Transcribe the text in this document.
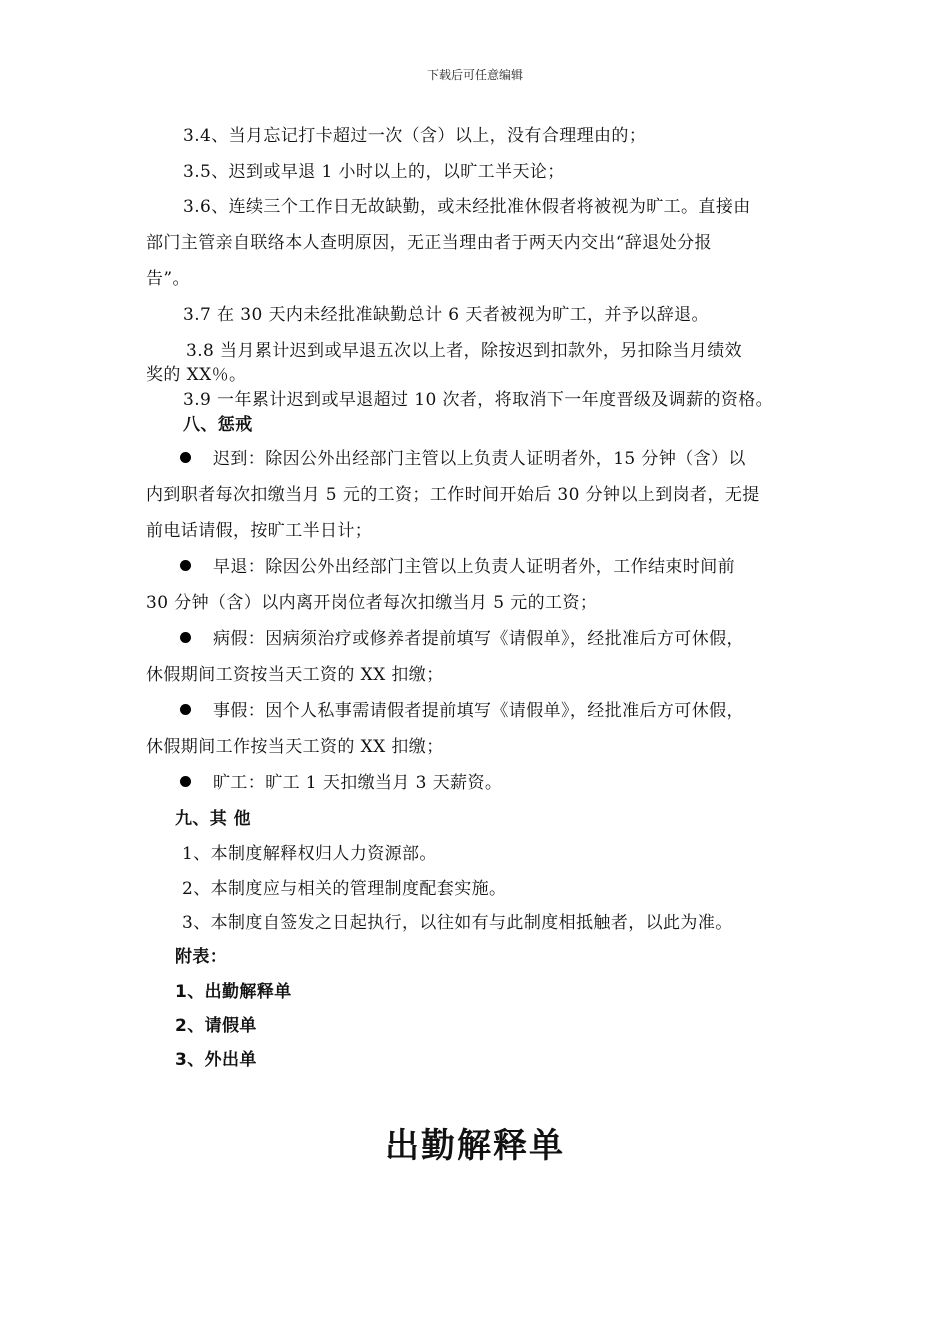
下载后可任意编辑
3.4、当月忘记打卡超过一次（含）以上，没有合理理由的；
3.5、迟到或早退 1 小时以上的，以旷工半天论；
3.6、连续三个工作日无故缺勤，或未经批准休假者将被视为旷工。直接由
部门主管亲自联络本人查明原因，无正当理由者于两天内交出“辞退处分报
告”。
3.7 在 30 天内未经批准缺勤总计 6 天者被视为旷工，并予以辞退。
3.8 当月累计迟到或早退五次以上者，除按迟到扣款外，另扣除当月绩效
奖的 XX％。
3.9 一年累计迟到或早退超过 10 次者，将取消下一年度晋级及调薪的资格。
八、惩戒
迟到：除因公外出经部门主管以上负责人证明者外，15 分钟（含）以
内到职者每次扣缴当月 5 元的工资；工作时间开始后 30 分钟以上到岗者，无提
前电话请假，按旷工半日计；
早退：除因公外出经部门主管以上负责人证明者外，工作结束时间前
30 分钟（含）以内离开岗位者每次扣缴当月 5 元的工资；
病假：因病须治疗或修养者提前填写《请假单》，经批准后方可休假，
休假期间工资按当天工资的 XX 扣缴；
事假：因个人私事需请假者提前填写《请假单》，经批准后方可休假，
休假期间工作按当天工资的 XX 扣缴；
旷工：旷工 1 天扣缴当月 3 天薪资。
九、其 他
1、本制度解释权归人力资源部。
2、本制度应与相关的管理制度配套实施。
3、本制度自签发之日起执行，以往如有与此制度相抵触者，以此为准。
附表：
1、出勤解释单
2、请假单
3、外出单
出勤解释单
